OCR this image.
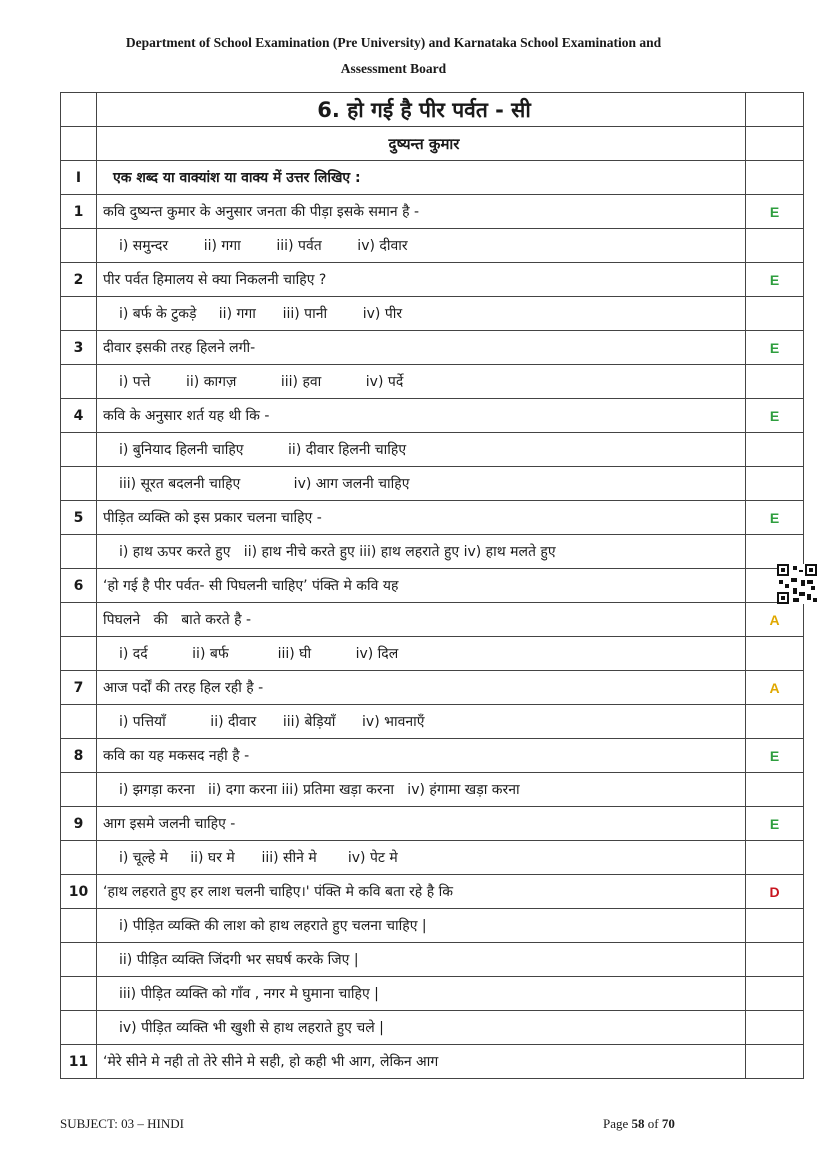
Department of School Examination (Pre University) and Karnataka School Examination and
Assessment Board
	6. हो गई है पीर पर्वत - सी	
	दुष्यन्त कुमार	
I	एक शब्द या वाक्यांश या वाक्य में उत्तर लिखिए :	
1	कवि दुष्यन्त कुमार के अनुसार जनता की पीड़ा इसके समान है -	E
	i) समुन्दर        ii) गगा        iii) पर्वत        iv) दीवार	
2	पीर पर्वत हिमालय से क्या निकलनी चाहिए ?	E
	i) बर्फ के टुकड़े     ii) गगा      iii) पानी        iv) पीर	
3	दीवार इसकी तरह हिलने लगी-	E
	i) पत्ते        ii) कागज़          iii) हवा          iv) पर्दे	
4	कवि के अनुसार शर्त यह थी कि -	E
	i) बुनियाद हिलनी चाहिए          ii) दीवार हिलनी चाहिए	
	iii) सूरत बदलनी चाहिए            iv) आग जलनी चाहिए	
5	पीड़ित व्यक्ति को इस प्रकार चलना चाहिए -	E
	i) हाथ ऊपर करते हुए   ii) हाथ नीचे करते हुए iii) हाथ लहराते हुए iv) हाथ मलते हुए	
6	‘हो गई है पीर पर्वत- सी पिघलनी चाहिए’ पंक्ति मे कवि यह	
	पिघलने   की   बाते करते है -	A
	i) दर्द          ii) बर्फ           iii) घी          iv) दिल	
7	आज पर्दों की तरह हिल रही है -	A
	i) पत्तियाँ          ii) दीवार      iii) बेड़ियाँ      iv) भावनाएँ	
8	कवि का यह मकसद नही है -	E
	i) झगड़ा करना   ii) दगा करना iii) प्रतिमा खड़ा करना   iv) हंगामा खड़ा करना	
9	आग इसमे जलनी चाहिए -	E
	i) चूल्हे मे     ii) घर मे      iii) सीने मे       iv) पेट मे	
10	‘हाथ लहराते हुए हर लाश चलनी चाहिए।' पंक्ति मे कवि बता रहे है कि	D
	i) पीड़ित व्यक्ति की लाश को हाथ लहराते हुए चलना चाहिए |	
	ii) पीड़ित व्यक्ति जिंदगी भर सघर्ष करके जिए |	
	iii) पीड़ित व्यक्ति को गाँव , नगर मे घुमाना चाहिए |	
	iv) पीड़ित व्यक्ति भी खुशी से हाथ लहराते हुए चले |	
11	‘मेरे सीने मे नही तो तेरे सीने मे सही, हो कही भी आग, लेकिन आग	
SUBJECT: 03 – HINDI	Page 58 of 70
